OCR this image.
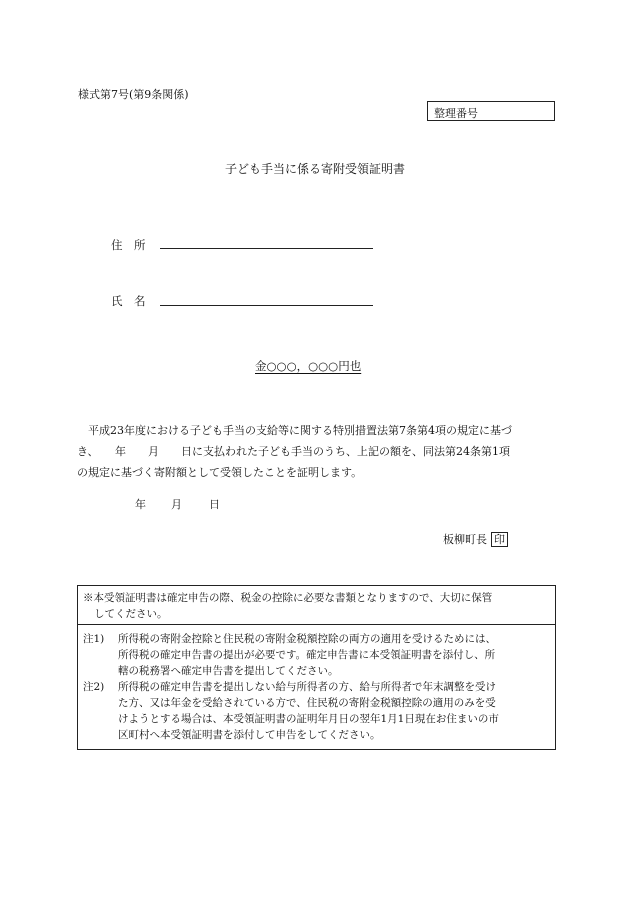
様式第7号(第9条関係)
整理番号
子ども手当に係る寄附受領証明書
住　所
氏　名
金○○○，○○○円也
　平成23年度における子ども手当の支給等に関する特別措置法第7条第4項の規定に基づ
き、　　年　　月　　日に支払われた子ども手当のうち、上記の額を、同法第24条第1項
の規定に基づく寄附額として受領したことを証明します。
年 月 日
板柳町長 印
※本受領証明書は確定申告の際、税金の控除に必要な書類となりますので、大切に保管
してください。
注1) 所得税の寄附金控除と住民税の寄附金税額控除の両方の適用を受けるためには、
所得税の確定申告書の提出が必要です。確定申告書に本受領証明書を添付し、所
轄の税務署へ確定申告書を提出してください。
注2) 所得税の確定申告書を提出しない給与所得者の方、給与所得者で年末調整を受け
た方、又は年金を受給されている方で、住民税の寄附金税額控除の適用のみを受
けようとする場合は、本受領証明書の証明年月日の翌年1月1日現在お住まいの市
区町村へ本受領証明書を添付して申告をしてください。
